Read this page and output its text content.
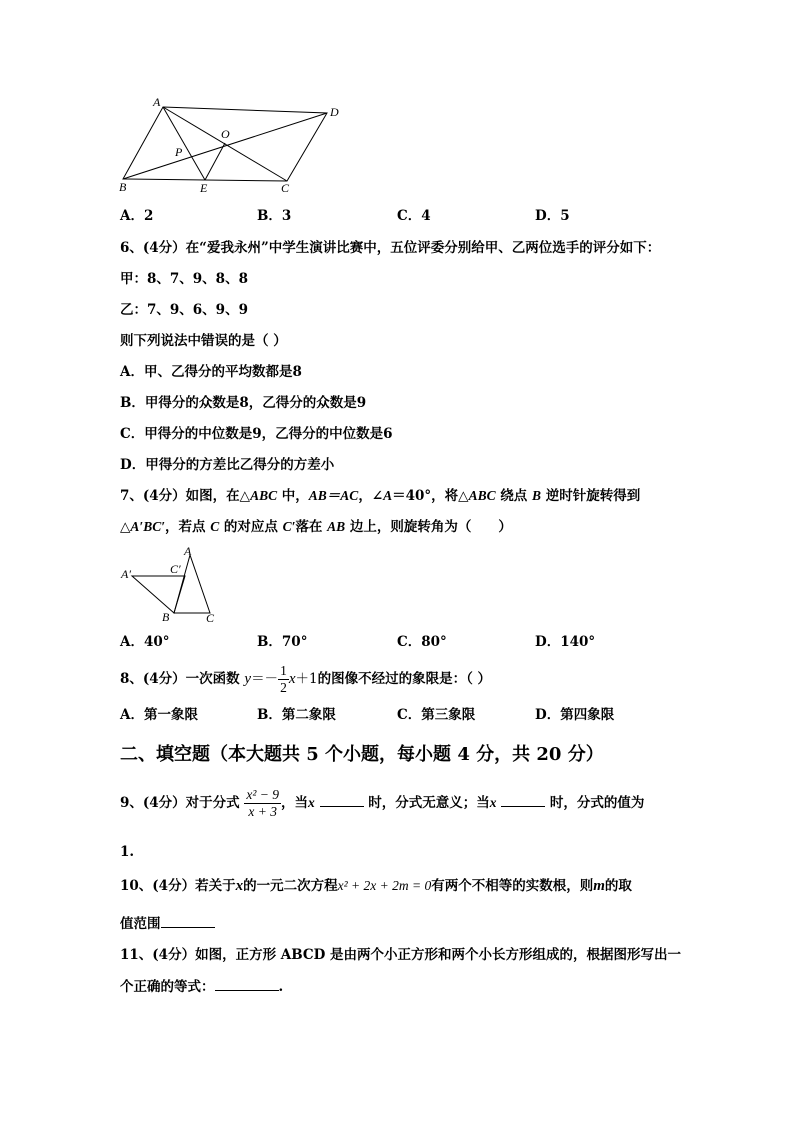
A
D
O
P
B	E	C
A．2	B．3	C．4	D．5
6、(4分）在“爱我永州”中学生演讲比赛中，五位评委分别给甲、乙两位选手的评分如下：
甲：8、7、9、8、8
乙：7、9、6、9、9
则下列说法中错误的是（ ）
A．甲、乙得分的平均数都是8
B．甲得分的众数是8，乙得分的众数是9
C．甲得分的中位数是9，乙得分的中位数是6
D．甲得分的方差比乙得分的方差小
7、(4分）如图，在△ABC 中，AB＝AC，∠A＝40°，将△ABC 绕点 B 逆时针旋转得到
△A′BC′，若点 C 的对应点 C′落在 AB 边上，则旋转角为（　　）
A
A′	C′
B	C
A．40°	B．70°	C．80°	D．140°
8、(4分）一次函数 $y=- \frac{1}{2} x+1$的图像不经过的象限是：（ ）
A．第一象限	B．第二象限	C．第三象限	D．第四象限
二、填空题（本大题共 5 个小题，每小题 4 分，共 20 分）
9、(4分）对于分式 $\frac{\text{x² − 9}}{x + 3}$ ，当x	时，分式无意义；当x	时，分式的值为
1.
10、(4分）若关于x的一元二次方程x² + 2x + 2m = 0有两个不相等的实数根，则m的取
值范围
11、(4分）如图，正方形 ABCD 是由两个小正方形和两个小长方形组成的，根据图形写出一
个正确的等式：	.
